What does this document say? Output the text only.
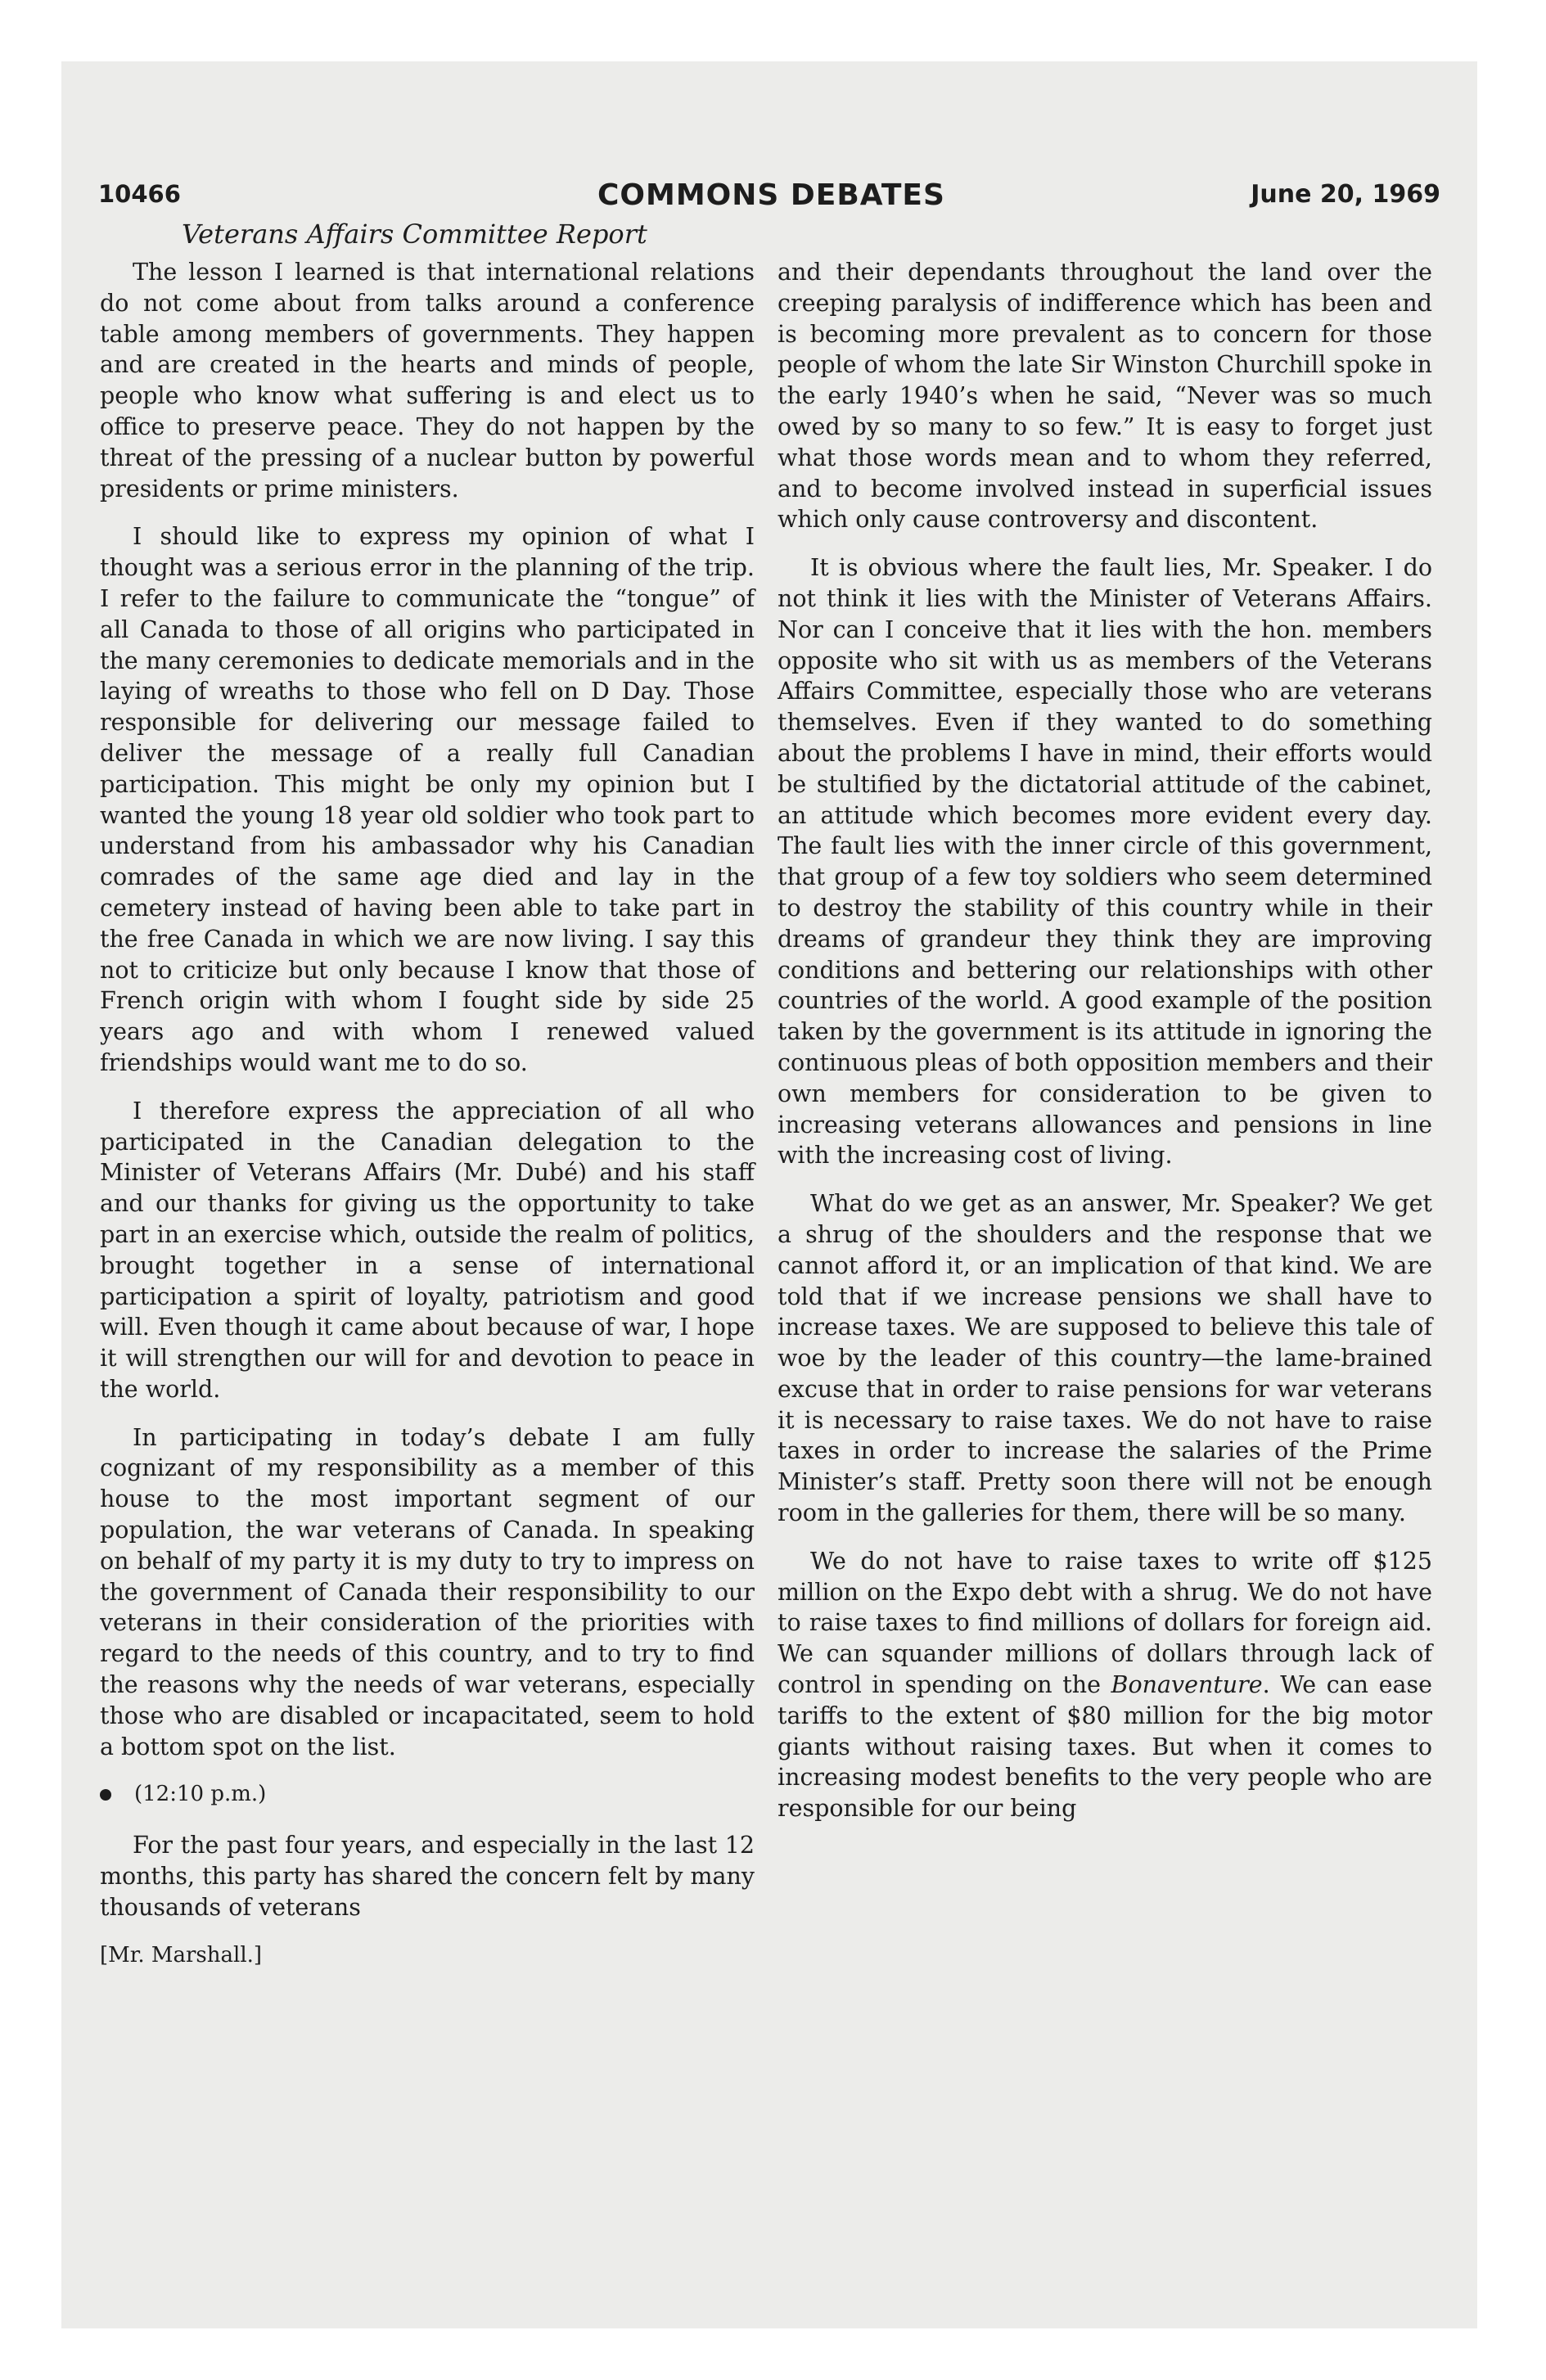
10466	COMMONS DEBATES	June 20, 1969
Veterans Affairs Committee Report

The lesson I learned is that international relations do not come about from talks around a conference table among members of governments. They happen and are created in the hearts and minds of people, people who know what suffering is and elect us to office to preserve peace. They do not happen by the threat of the pressing of a nuclear button by powerful presidents or prime ministers.

I should like to express my opinion of what I thought was a serious error in the planning of the trip. I refer to the failure to communicate the “tongue” of all Canada to those of all origins who participated in the many ceremonies to dedicate memorials and in the laying of wreaths to those who fell on D Day. Those responsible for delivering our message failed to deliver the message of a really full Canadian participation. This might be only my opinion but I wanted the young 18 year old soldier who took part to understand from his ambassador why his Canadian comrades of the same age died and lay in the cemetery instead of having been able to take part in the free Canada in which we are now living. I say this not to criticize but only because I know that those of French origin with whom I fought side by side 25 years ago and with whom I renewed valued friendships would want me to do so.

I therefore express the appreciation of all who participated in the Canadian delegation to the Minister of Veterans Affairs (Mr. Dubé) and his staff and our thanks for giving us the opportunity to take part in an exercise which, outside the realm of politics, brought together in a sense of international participation a spirit of loyalty, patriotism and good will. Even though it came about because of war, I hope it will strengthen our will for and devotion to peace in the world.

In participating in today’s debate I am fully cognizant of my responsibility as a member of this house to the most important segment of our population, the war veterans of Canada. In speaking on behalf of my party it is my duty to try to impress on the government of Canada their responsibility to our veterans in their consideration of the priorities with regard to the needs of this country, and to try to find the reasons why the needs of war veterans, especially those who are disabled or incapacitated, seem to hold a bottom spot on the list.

(12:10 p.m.)

For the past four years, and especially in the last 12 months, this party has shared the concern felt by many thousands of veterans

[Mr. Marshall.]

and their dependants throughout the land over the creeping paralysis of indifference which has been and is becoming more prevalent as to concern for those people of whom the late Sir Winston Churchill spoke in the early 1940’s when he said, “Never was so much owed by so many to so few.” It is easy to forget just what those words mean and to whom they referred, and to become involved instead in superficial issues which only cause controversy and discontent.

It is obvious where the fault lies, Mr. Speaker. I do not think it lies with the Minister of Veterans Affairs. Nor can I conceive that it lies with the hon. members opposite who sit with us as members of the Veterans Affairs Committee, especially those who are veterans themselves. Even if they wanted to do something about the problems I have in mind, their efforts would be stultified by the dictatorial attitude of the cabinet, an attitude which becomes more evident every day. The fault lies with the inner circle of this government, that group of a few toy soldiers who seem determined to destroy the stability of this country while in their dreams of grandeur they think they are improving conditions and bettering our relationships with other countries of the world. A good example of the position taken by the government is its attitude in ignoring the continuous pleas of both opposition members and their own members for consideration to be given to increasing veterans allowances and pensions in line with the increasing cost of living.

What do we get as an answer, Mr. Speaker? We get a shrug of the shoulders and the response that we cannot afford it, or an implication of that kind. We are told that if we increase pensions we shall have to increase taxes. We are supposed to believe this tale of woe by the leader of this country—the lame-brained excuse that in order to raise pensions for war veterans it is necessary to raise taxes. We do not have to raise taxes in order to increase the salaries of the Prime Minister’s staff. Pretty soon there will not be enough room in the galleries for them, there will be so many.

We do not have to raise taxes to write off $125 million on the Expo debt with a shrug. We do not have to raise taxes to find millions of dollars for foreign aid. We can squander millions of dollars through lack of control in spending on the Bonaventure. We can ease tariffs to the extent of $80 million for the big motor giants without raising taxes. But when it comes to increasing modest benefits to the very people who are responsible for our being
